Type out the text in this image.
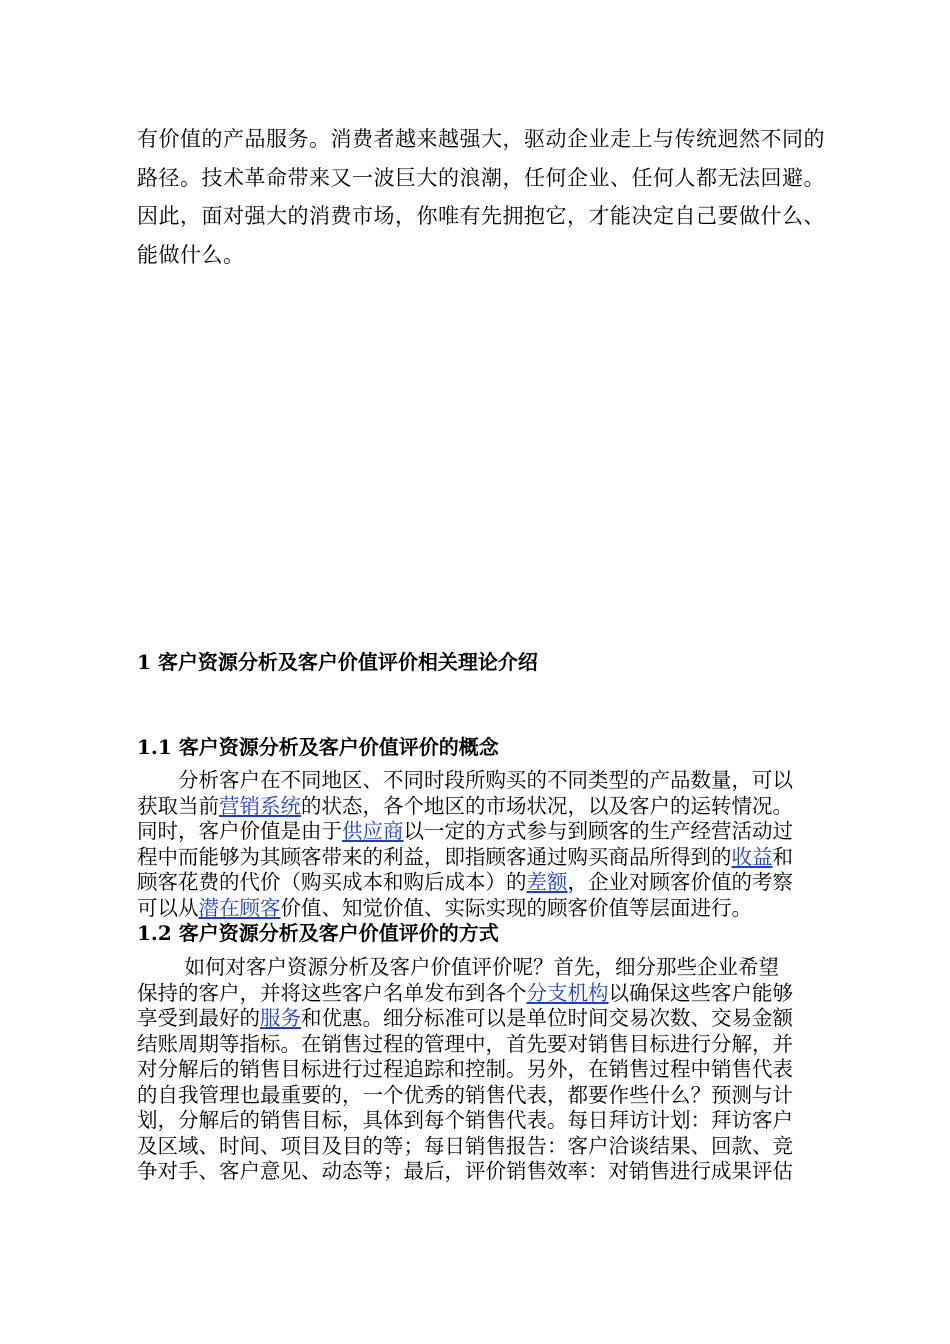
有价值的产品服务。消费者越来越强大，驱动企业走上与传统迥然不同的
路径。技术革命带来又一波巨大的浪潮，任何企业、任何人都无法回避。
因此，面对强大的消费市场，你唯有先拥抱它，才能决定自己要做什么、
能做什么。
1 客户资源分析及客户价值评价相关理论介绍
1.1 客户资源分析及客户价值评价的概念
　　分析客户在不同地区、不同时段所购买的不同类型的产品数量，可以
获取当前营销系统的状态，各个地区的市场状况，以及客户的运转情况。
同时，客户价值是由于供应商以一定的方式参与到顾客的生产经营活动过
程中而能够为其顾客带来的利益，即指顾客通过购买商品所得到的收益和
顾客花费的代价（购买成本和购后成本）的差额，企业对顾客价值的考察
可以从潜在顾客价值、知觉价值、实际实现的顾客价值等层面进行。
1.2 客户资源分析及客户价值评价的方式
　　 如何对客户资源分析及客户价值评价呢？首先，细分那些企业希望
保持的客户，并将这些客户名单发布到各个分支机构以确保这些客户能够
享受到最好的服务和优惠。细分标准可以是单位时间交易次数、交易金额
结账周期等指标。在销售过程的管理中，首先要对销售目标进行分解，并
对分解后的销售目标进行过程追踪和控制。另外，在销售过程中销售代表
的自我管理也最重要的，一个优秀的销售代表，都要作些什么？预测与计
划，分解后的销售目标，具体到每个销售代表。每日拜访计划：拜访客户
及区域、时间、项目及目的等；每日销售报告：客户洽谈结果、回款、竞
争对手、客户意见、动态等；最后，评价销售效率：对销售进行成果评估
